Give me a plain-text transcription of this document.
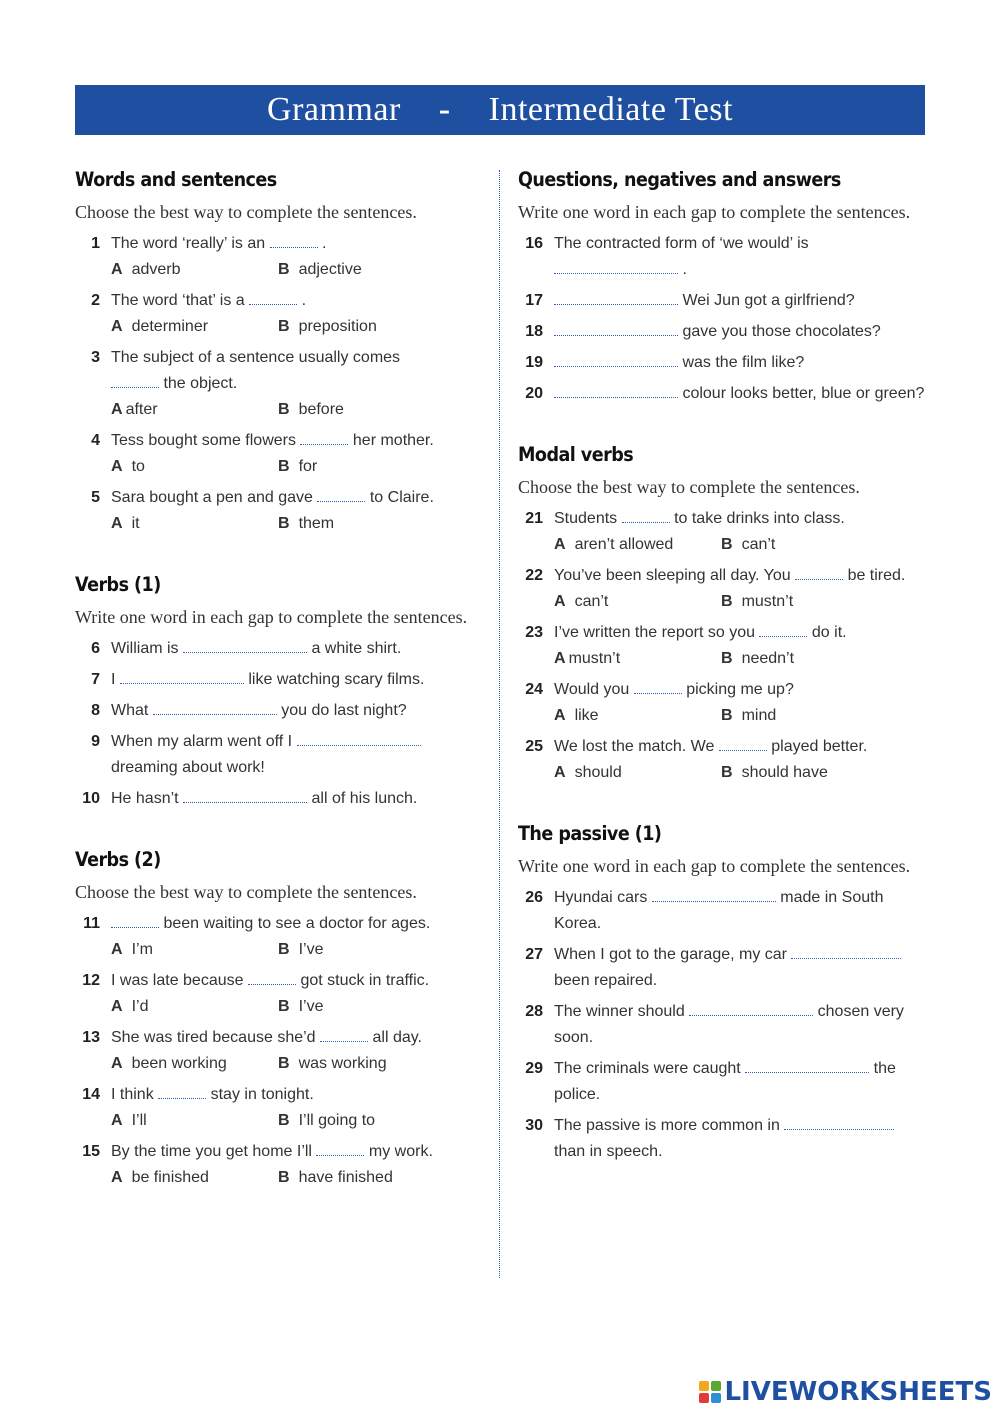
Grammar - Intermediate Test
Words and sentences
Choose the best way to complete the sentences.
1 The word ‘really’ is an	.
A adverb	B adjective
2 The word ‘that’ is a	.
A determiner	B preposition
3 The subject of a sentence usually comes
the object.
A after	B before
4 Tess bought some flowers	her mother.
A to	B for
5 Sara bought a pen and gave	to Claire.
A it	B them
Verbs (1)
Write one word in each gap to complete the sentences.
6 William is	a white shirt.
7 I	like watching scary films.
8 What	you do last night?
9 When my alarm went off I
dreaming about work!
10 He hasn’t	all of his lunch.
Verbs (2)
Choose the best way to complete the sentences.
11	been waiting to see a doctor for ages.
A I’m	B I’ve
12 I was late because	got stuck in traffic.
A I’d	B I’ve
13 She was tired because she’d	all day.
A been working	B was working
14 I think	stay in tonight.
A I’ll	B I’ll going to
15 By the time you get home I’ll	my work.
A be finished	B have finished
Questions, negatives and answers
Write one word in each gap to complete the sentences.
16 The contracted form of ‘we would’ is
.
17	Wei Jun got a girlfriend?
18	gave you those chocolates?
19	was the film like?
20	colour looks better, blue or green?
Modal verbs
Choose the best way to complete the sentences.
21 Students	to take drinks into class.
A aren’t allowed	B can’t
22 You’ve been sleeping all day. You	be tired.
A can’t	B mustn’t
23 I’ve written the report so you	do it.
A mustn’t	B needn’t
24 Would you	picking me up?
A like	B mind
25 We lost the match. We	played better.
A should	B should have
The passive (1)
Write one word in each gap to complete the sentences.
26 Hyundai cars	made in South Korea.
27 When I got to the garage, my car
been repaired.
28 The winner should	chosen very soon.
29 The criminals were caught	the police.
30 The passive is more common in
than in speech.
LIVEWORKSHEETS
